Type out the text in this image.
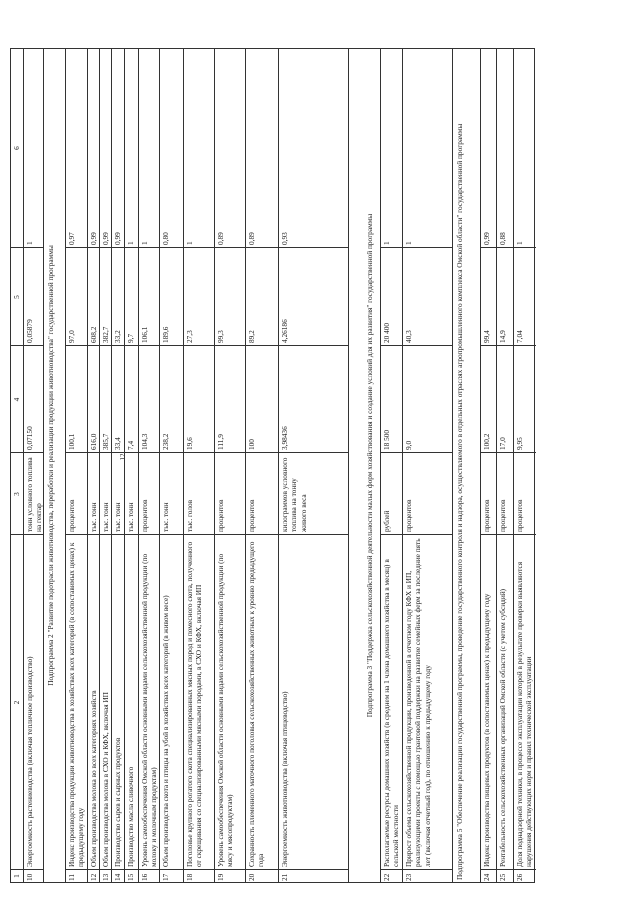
12
1
2
3
4
5
6
10
Энергоемкость растениеводства (включая тепличное производство)
тонн условного топлива на гектар
0,07150
0,05879
1
Подпрограмма 2 "Развитие подотрасли животноводства, переработки и реализации продукции животноводства" государственной программы
11
Индекс производства продукции животноводства в хозяйствах всех категорий (в сопоставимых ценах) к предыдущему году
процентов
100,1
97,0
0,97
12
Объем производства молока во всех категориях хозяйств
тыс. тонн
616,0
608,2
0,99
13
Объем производства молока в СХО и КФХ, включая ИП
тыс. тонн
385,7
382,7
0,99
14
Производство сырев и сырных продуктов
тыс. тонн
33,4
33,2
0,99
15
Производство масла сливочного
тыс. тонн
7,4
9,7
1
16
Уровень самообеспечения Омской области основными видами сельскохозяйственной продукции (по молоку и молочным продуктам)
процентов
104,3
106,1
1
17
Объем производства скота и птицы на убой в хозяйствах всех категорий (в живом весе)
тыс. тонн
238,2
189,6
0,80
18
Поголовье крупного рогатого скота специализированных мясных пород и помесного скота, полученного от скрещивания со специализированными мясными породами, в СХО и КФХ, включая ИП
тыс. голов
19,6
27,3
1
19
Уровень самообеспечения Омской области основными видами сельскохозяйственной продукции (по мясу и мясопродуктам)
процентов
111,9
99,3
0,89
20
Сохранность племенного маточного поголовья сельскохозяйственных животных к уровню предыдущего года
процентов
100
89,2
0,89
21
Энергоемкость животноводства (включая птицеводство)
килограммов условного топлива на тонну живого веса
3,98436
4,26186
0,93	Подпрограмма 3 "Поддержка сельскохозяйственной деятельности малых форм хозяйствования и создание условий для их развития" государственной программы
22
Располагаемые ресурсы домашних хозяйств (в среднем на 1 члена домашнего хозяйства в месяц) в сельской местности
рублей
18 500
20 400
1
23
Прирост объема сельскохозяйственной продукции, произведенной в отчетном году КФХ и ИП, реализующими проекты с помощью грантовой поддержки на развитие семейных ферм за последние пять лет (включая отчетный год), по отношению к предыдущему году
процентов
9,0
40,3
1	Подпрограмма 5 "Обеспечение реализации государственной программы, проведение государственного контроля и надзора, осуществляемого в отдельных отраслях агропромышленного комплекса Омской области" государственной программы 24
Индекс производства пищевых продуктов (в сопоставимых ценах) к предыдущему году
процентов
100,2
99,4
0,99
25
Рентабельность сельскохозяйственных организаций Омской области (с учетом субсидий)
процентов
17,0
14,9
0,88
26
Доля поднадзорной техники, в процессе эксплуатации которой в результате проверки выявляются нарушения действующих норм и правил технической эксплуатации
процентов
9,95
7,04
1
